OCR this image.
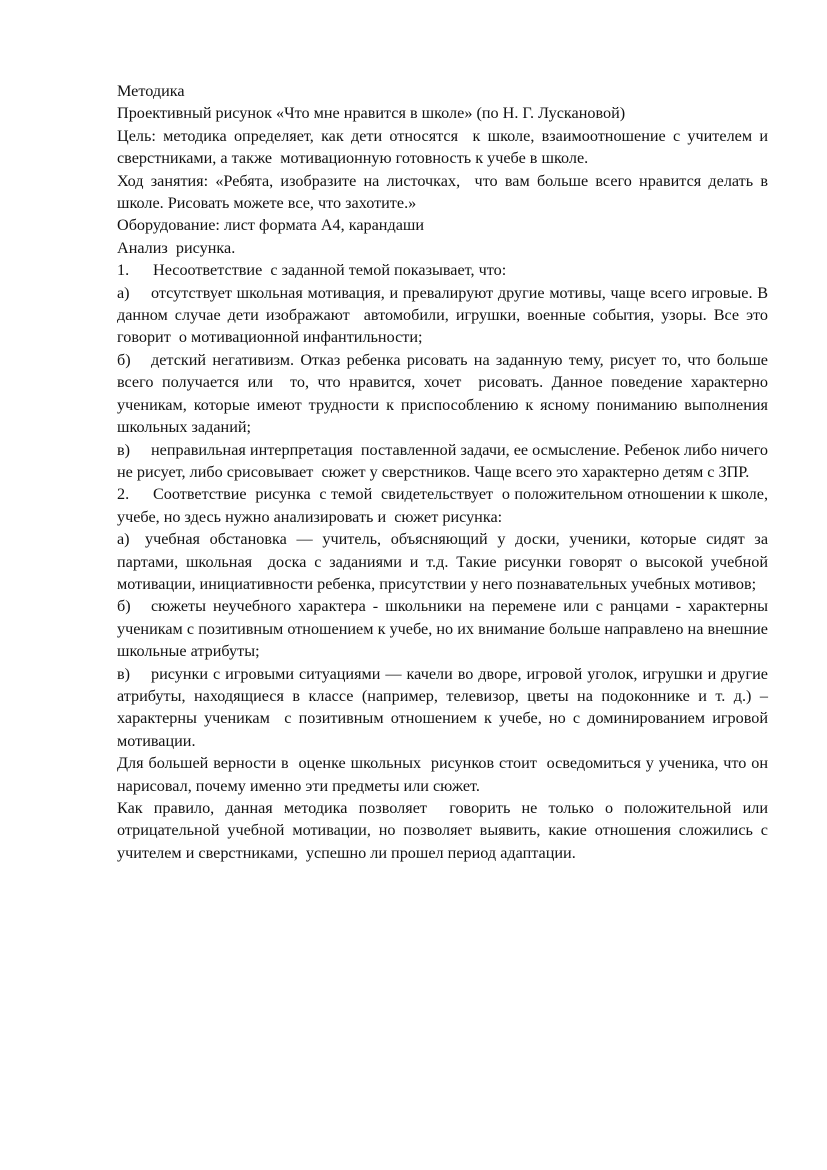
Методика

Проективный рисунок «Что мне нравится в школе» (по Н. Г. Лускановой)

Цель: методика определяет, как дети относятся  к школе, взаимоотношение с учителем и сверстниками, а также  мотивационную готовность к учебе в школе.

Ход занятия: «Ребята, изобразите на листочках,  что вам больше всего нравится делать в школе. Рисовать можете все, что захотите.»

Оборудование: лист формата А4, карандаши

Анализ  рисунка.

1. Несоответствие  с заданной темой показывает, что:

а) отсутствует школьная мотивация, и превалируют другие мотивы, чаще всего игровые. В данном случае дети изображают  автомобили, игрушки, военные события, узоры. Все это говорит  о мотивационной инфантильности;

б) детский негативизм. Отказ ребенка рисовать на заданную тему, рисует то, что больше всего получается или  то, что нравится, хочет  рисовать. Данное поведение характерно ученикам, которые имеют трудности к приспособлению к ясному пониманию выполнения школьных заданий;

в) неправильная интерпретация  поставленной задачи, ее осмысление. Ребенок либо ничего не рисует, либо срисовывает  сюжет у сверстников. Чаще всего это характерно детям с ЗПР.

2. Соответствие  рисунка  с темой  свидетельствует  о положительном отношении к школе, учебе, но здесь нужно анализировать и  сюжет рисунка:

а) учебная обстановка — учитель, объясняющий у доски, ученики, которые сидят за партами, школьная  доска с заданиями и т.д. Такие рисунки говорят о высокой учебной  мотивации, инициативности ребенка, присутствии у него познавательных учебных мотивов;

б) сюжеты неучебного характера - школьники на перемене или с ранцами - характерны ученикам с позитивным отношением к учебе, но их внимание больше направлено на внешние школьные атрибуты;

в) рисунки с игровыми ситуациями — качели во дворе, игровой уголок, игрушки и другие атрибуты, находящиеся в классе (например, телевизор, цветы на подоконнике и т. д.) – характерны ученикам  с позитивным отношением к учебе, но с доминированием игровой мотивации.

Для большей верности в  оценке школьных  рисунков стоит  осведомиться у ученика, что он нарисовал, почему именно эти предметы или сюжет.

Как правило, данная методика позволяет  говорить не только о положительной или отрицательной учебной мотивации, но позволяет выявить, какие отношения сложились с учителем и сверстниками,  успешно ли прошел период адаптации.
